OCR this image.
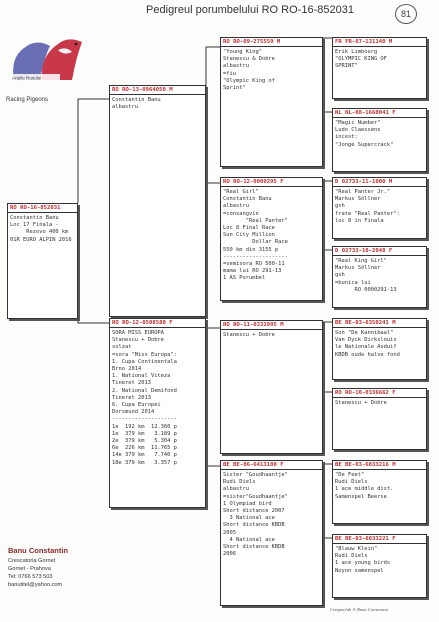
Pedigreul porumbelului RO RO-16-852031	81
Aripile Rusului
Racing Pigeons
RO RO-16-852031
Constantin Banu
Loc 17 Finala -
Rezovo 400 km
01R EURO ALPIN 2016
RO RO-13-0964050 M
Constantin Banu
albastru
RO RO-12-0508580 F
SORA MISS EUROPA
Stanescu + Dobre
solzat
=sora "Miss Europa":
1. Cupa Continentala
Brno 2014
1. National Viteza
Tineret 2013
2. National Demifond
Tineret 2013
6. Cupa Europei
Dorsmund 2014
--------------------
1e  192 km  12.360 p
1e  379 km   3.189 p
2e  379 km   5.304 p
6e  226 km  11.765 p
14e 379 km   7.740 p
18e 379 km   3.357 p
RO RO-09-275559 M
"Young King"
Stanescu & Dobre
albastru
=fiu
"Olympic King of
Sprint"
RO RO-12-0000295 F
"Real Girl"
Constantin Banu
albastru
=consangvin
"Real Panter"
Loc 8 Final Race
Sun City Million
Dollar Race
550 km din 3155 p
--------------------
=semisora RO 500-11
mama lui RO 291-13
1 AS Porumbel
RO RO-11-0331995 M
Stanescu + Dobre
BE BE-06-6413100 F
Sister "Goudhaantje"
Rudi Diels
albastru
=sister"Goudhaantje"
1 Olympiad bird
Short distance 2007
3 National ace
Short distance KBDB
2005
4 National ace
Short distance KBDB
2006
FR FR-07-131140 M
Erik Limbourg
"OLYMPIC KING OF
SPRINT"
NL NL-08-1660041 F
"Magic Number"
Ludo Claessens
incest:
"Jonge Supercrack"
D 02733-11-1000 M
"Real Panter Jr."
Markus Söllner
gsh
frate "Real Panter":
loc 8 in Finala
D 02733-10-2048 F
"Real King Girl"
Markus Söllner
gsh
=bunica lui
RO 0000291-13
BE BE-03-6350241 M
Son "De Kannibaal"
Van Dyck Dirkslouis
le Nationale Asduif
KBDB oude halve fond
RO RO-10-0336662 F
Stanescu + Dobre
BE BE-03-6033216 M
"De Feet"
Rudi Diels
1 ace middle dist.
Samenspel Beerse
BE BE-03-6033221 F
"Blauw Klein"
Rudi Diels
1 ace young birds
Noyon samenspel
Banu Constantin
Crescatoria Gornet
Gornet - Prahova
Tel: 0766 573 503
banutitel@yahoo.com
Compuclub ® Banu Constantin
